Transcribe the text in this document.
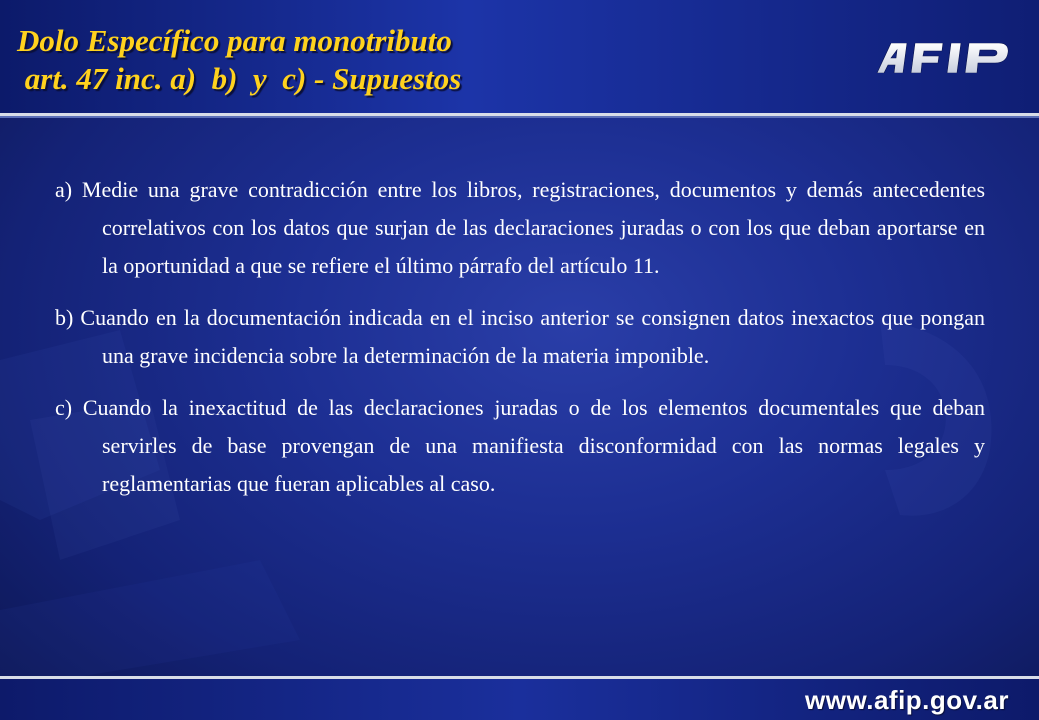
Dolo Específico para monotributo
art. 47 inc. a)  b)  y  c) - Supuestos

a) Medie una grave contradicción entre los libros, registraciones, documentos y demás antecedentes correlativos con los datos que surjan de las declaraciones juradas o con los que deban aportarse en la oportunidad a que se refiere el último párrafo del artículo 11.

b) Cuando en la documentación indicada en el inciso anterior se consignen datos inexactos que pongan una grave incidencia sobre la determinación de la materia imponible.

c) Cuando la inexactitud de las declaraciones juradas o de los elementos documentales que deban servirles de base provengan de una manifiesta disconformidad con las normas legales y reglamentarias que fueran aplicables al caso.

www.afip.gov.ar
